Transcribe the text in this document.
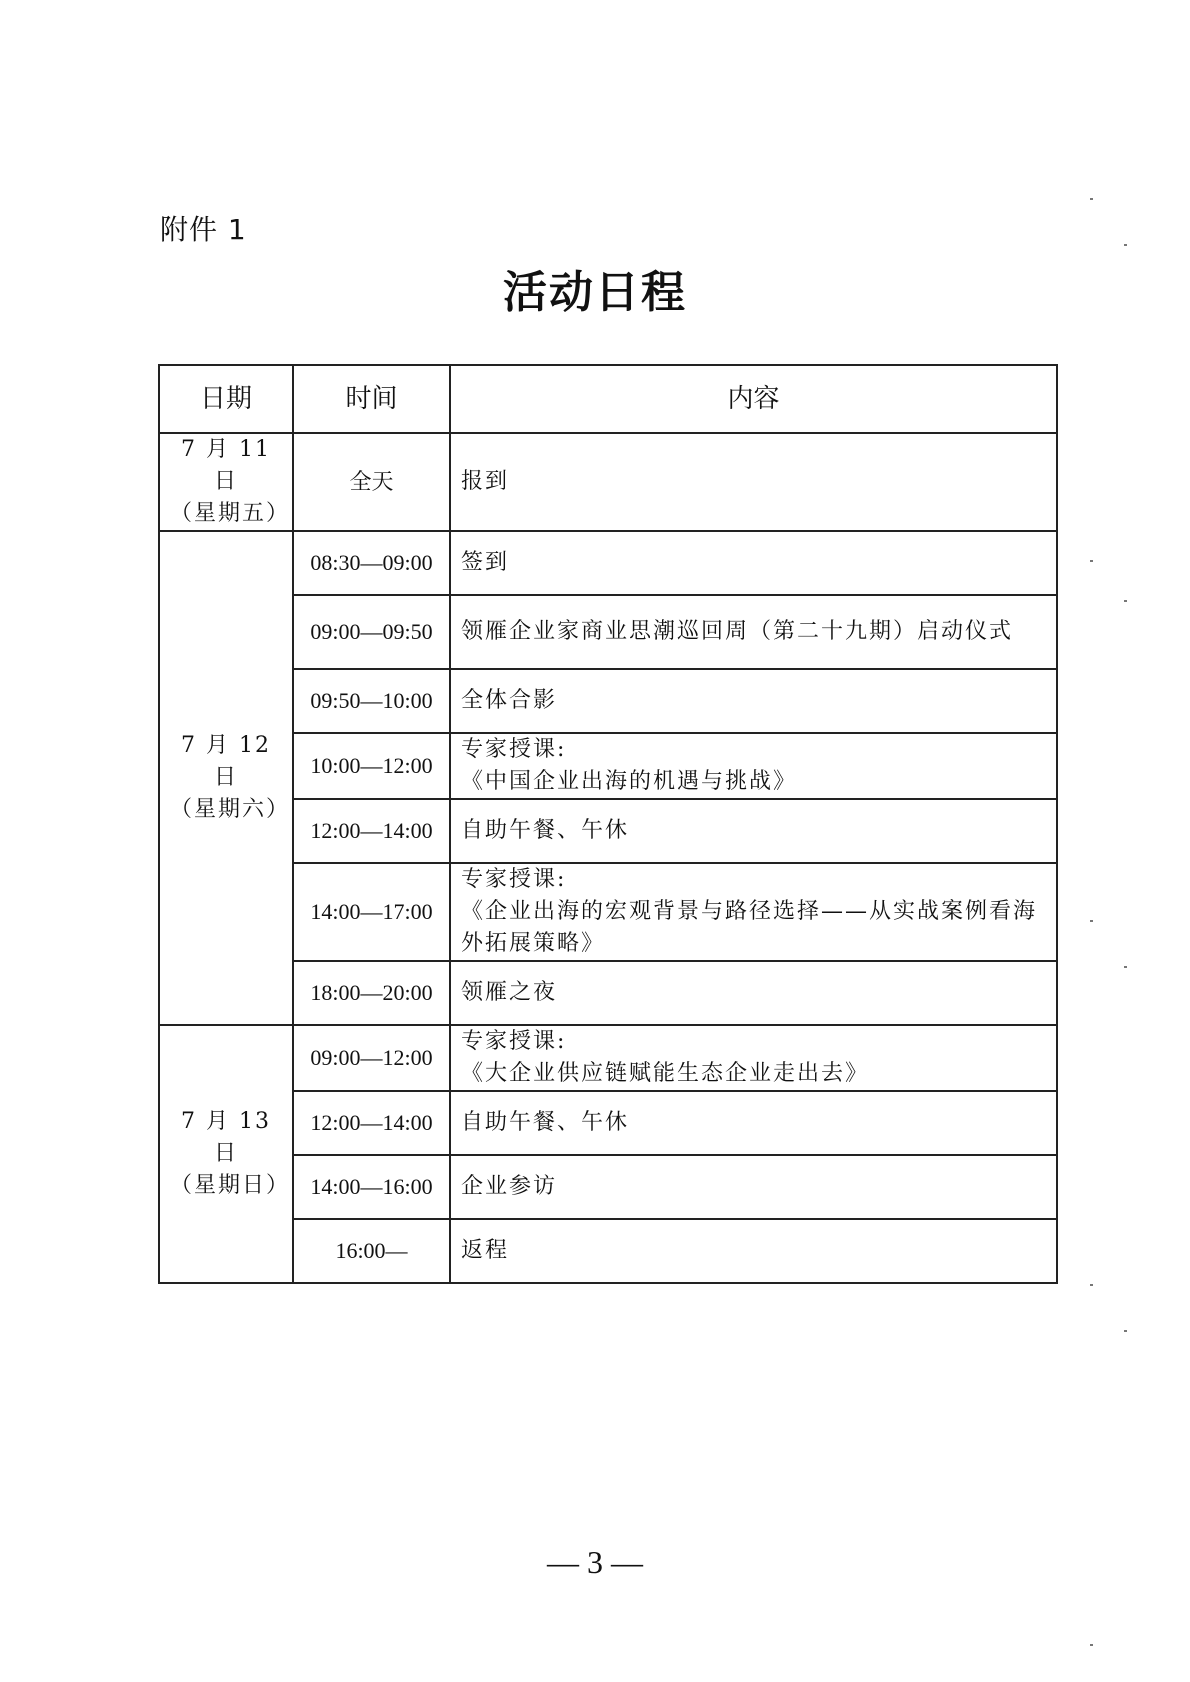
附件 1
活动日程
日期	时间	内容

7 月 11 日
（星期五）	全天	报到

7 月 12 日
（星期六）	08:30—09:00	签到

	09:00—09:50	领雁企业家商业思潮巡回周（第二十九期）启动仪式

	09:50—10:00	全体合影

	10:00—12:00	专家授课:
《中国企业出海的机遇与挑战》

	12:00—14:00	自助午餐、午休

	14:00—17:00	专家授课:
《企业出海的宏观背景与路径选择——从实战案例看海
外拓展策略》

	18:00—20:00	领雁之夜

7 月 13 日
（星期日）	09:00—12:00	专家授课:
《大企业供应链赋能生态企业走出去》

	12:00—14:00	自助午餐、午休

	14:00—16:00	企业参访

	16:00—	返程
— 3 —
